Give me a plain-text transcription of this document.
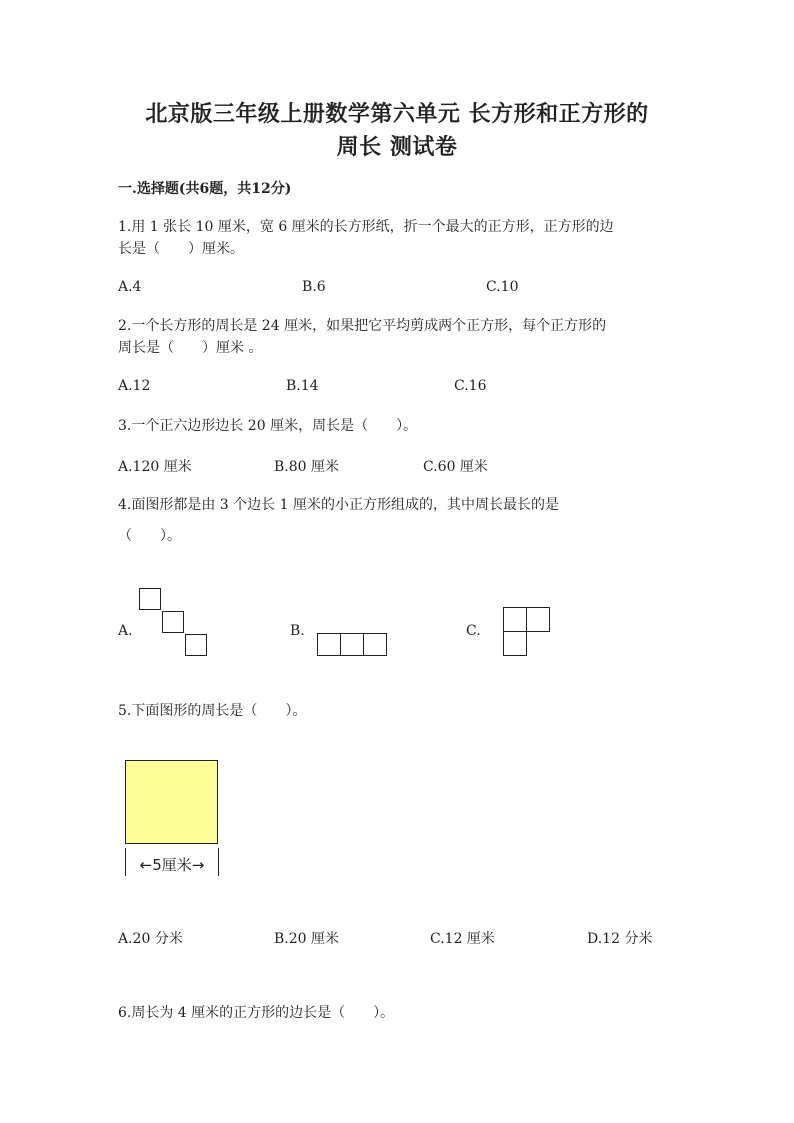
北京版三年级上册数学第六单元 长方形和正方形的
周长 测试卷
一.选择题(共6题，共12分)
1.用 1 张长 10 厘米，宽 6 厘米的长方形纸，折一个最大的正方形，正方形的边
长是（　　）厘米。
A.4	B.6	C.10
2.一个长方形的周长是 24 厘米，如果把它平均剪成两个正方形，每个正方形的
周长是（　　）厘米 。
A.12	B.14	C.16
3.一个正六边形边长 20 厘米，周长是（　　）。
A.120 厘米	B.80 厘米	C.60 厘米
4.面图形都是由 3 个边长 1 厘米的小正方形组成的，其中周长最长的是
（　　）。
A.	B.	C.
5.下面图形的周长是（　　）。
←5厘米→
A.20 分米	B.20 厘米	C.12 厘米	D.12 分米
6.周长为 4 厘米的正方形的边长是（　　）。
